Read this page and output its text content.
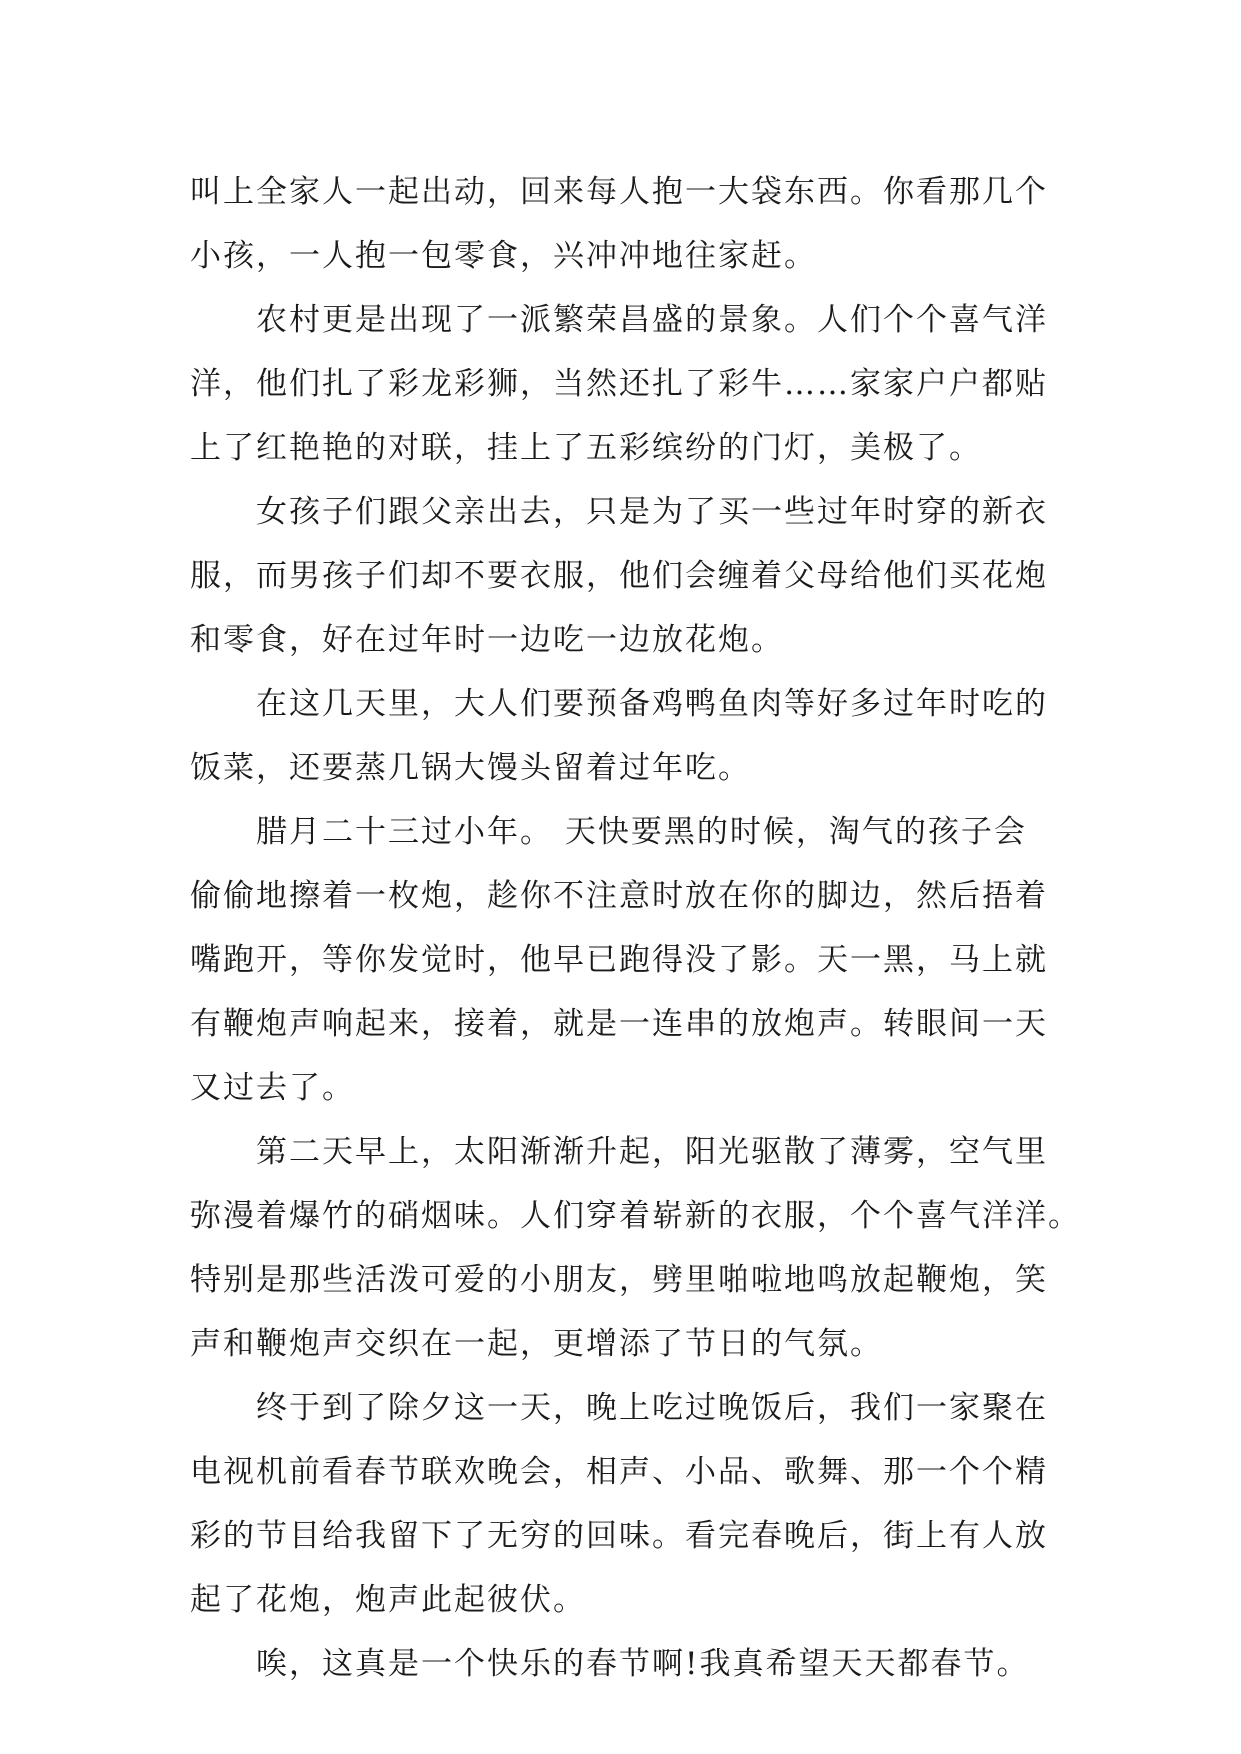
叫上全家人一起出动，回来每人抱一大袋东西。你看那几个
小孩，一人抱一包零食，兴冲冲地往家赶。

农村更是出现了一派繁荣昌盛的景象。人们个个喜气洋
洋，他们扎了彩龙彩狮，当然还扎了彩牛……家家户户都贴
上了红艳艳的对联，挂上了五彩缤纷的门灯，美极了。

女孩子们跟父亲出去，只是为了买一些过年时穿的新衣
服，而男孩子们却不要衣服，他们会缠着父母给他们买花炮
和零食，好在过年时一边吃一边放花炮。

在这几天里，大人们要预备鸡鸭鱼肉等好多过年时吃的
饭菜，还要蒸几锅大馒头留着过年吃。

腊月二十三过小年。 天快要黑的时候，淘气的孩子会
偷偷地擦着一枚炮，趁你不注意时放在你的脚边，然后捂着
嘴跑开，等你发觉时，他早已跑得没了影。天一黑，马上就
有鞭炮声响起来，接着，就是一连串的放炮声。转眼间一天
又过去了。

第二天早上，太阳渐渐升起，阳光驱散了薄雾，空气里
弥漫着爆竹的硝烟味。人们穿着崭新的衣服，个个喜气洋洋。
特别是那些活泼可爱的小朋友，劈里啪啦地鸣放起鞭炮，笑
声和鞭炮声交织在一起，更增添了节日的气氛。

终于到了除夕这一天，晚上吃过晚饭后，我们一家聚在
电视机前看春节联欢晚会，相声、小品、歌舞、那一个个精
彩的节目给我留下了无穷的回味。看完春晚后，街上有人放
起了花炮，炮声此起彼伏。

唉，这真是一个快乐的春节啊!我真希望天天都春节。
